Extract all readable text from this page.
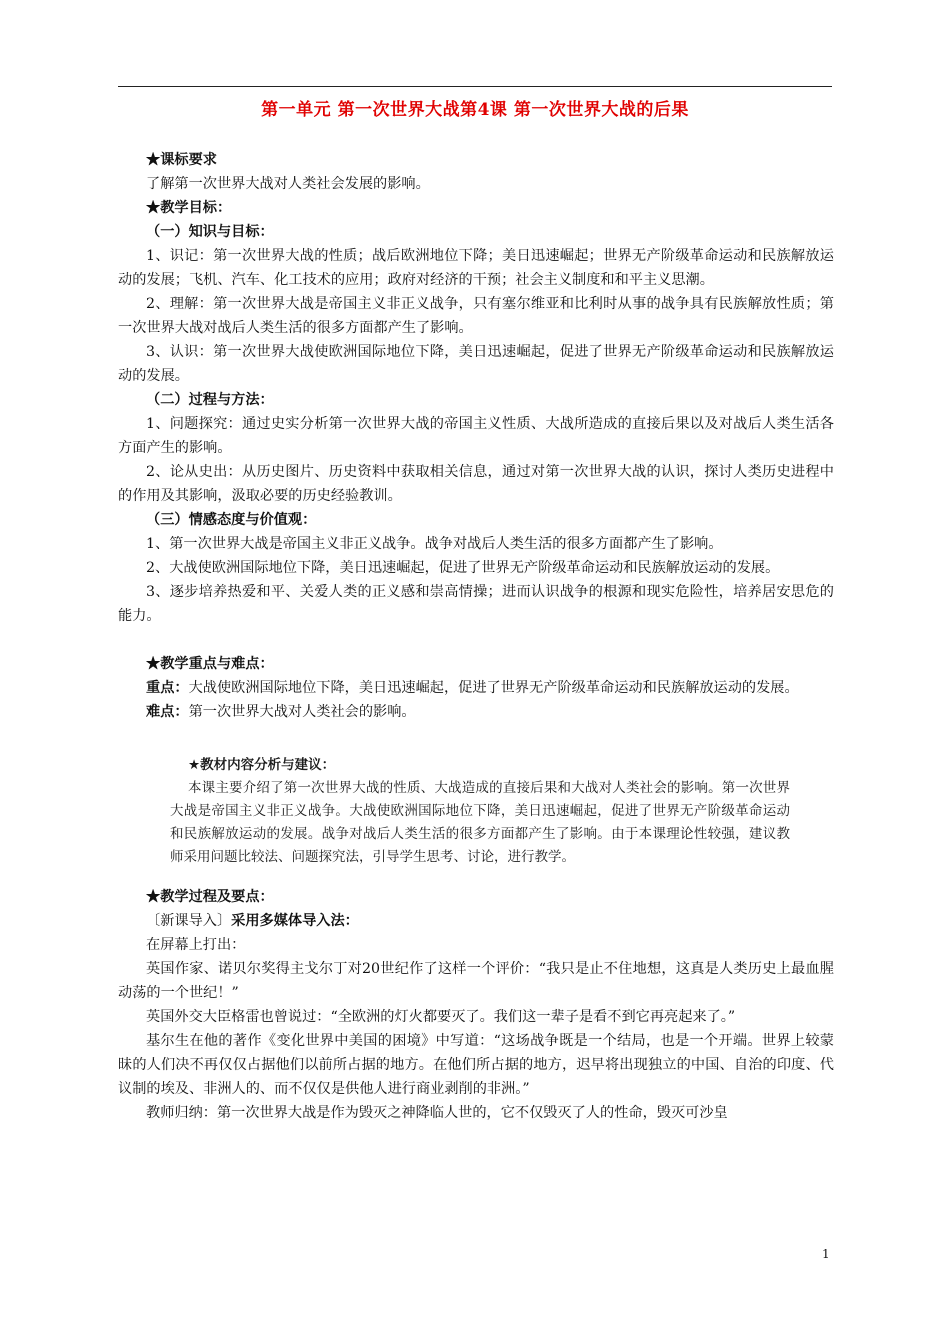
第一单元 第一次世界大战第4课 第一次世界大战的后果

★课标要求

了解第一次世界大战对人类社会发展的影响。

★教学目标：

（一）知识与目标：

1、识记：第一次世界大战的性质；战后欧洲地位下降；美日迅速崛起；世界无产阶级革命运动和民族解放运动的发展；飞机、汽车、化工技术的应用；政府对经济的干预；社会主义制度和和平主义思潮。

2、理解：第一次世界大战是帝国主义非正义战争，只有塞尔维亚和比利时从事的战争具有民族解放性质；第一次世界大战对战后人类生活的很多方面都产生了影响。

3、认识：第一次世界大战使欧洲国际地位下降，美日迅速崛起，促进了世界无产阶级革命运动和民族解放运动的发展。

（二）过程与方法：

1、问题探究：通过史实分析第一次世界大战的帝国主义性质、大战所造成的直接后果以及对战后人类生活各方面产生的影响。

2、论从史出：从历史图片、历史资料中获取相关信息，通过对第一次世界大战的认识，探讨人类历史进程中的作用及其影响，汲取必要的历史经验教训。

（三）情感态度与价值观：

1、第一次世界大战是帝国主义非正义战争。战争对战后人类生活的很多方面都产生了影响。

2、大战使欧洲国际地位下降，美日迅速崛起，促进了世界无产阶级革命运动和民族解放运动的发展。

3、逐步培养热爱和平、关爱人类的正义感和崇高情操；进而认识战争的根源和现实危险性，培养居安思危的能力。

★教学重点与难点：

重点：大战使欧洲国际地位下降，美日迅速崛起，促进了世界无产阶级革命运动和民族解放运动的发展。

难点：第一次世界大战对人类社会的影响。

★教材内容分析与建议：

本课主要介绍了第一次世界大战的性质、大战造成的直接后果和大战对人类社会的影响。第一次世界大战是帝国主义非正义战争。大战使欧洲国际地位下降，美日迅速崛起，促进了世界无产阶级革命运动和民族解放运动的发展。战争对战后人类生活的很多方面都产生了影响。由于本课理论性较强，建议教师采用问题比较法、问题探究法，引导学生思考、讨论，进行教学。

★教学过程及要点：

〔新课导入〕采用多媒体导入法：

在屏幕上打出：

英国作家、诺贝尔奖得主戈尔丁对20世纪作了这样一个评价：“我只是止不住地想，这真是人类历史上最血腥动荡的一个世纪！”

英国外交大臣格雷也曾说过：“全欧洲的灯火都要灭了。我们这一辈子是看不到它再亮起来了。”

基尔生在他的著作《变化世界中美国的困境》中写道：“这场战争既是一个结局，也是一个开端。世界上较蒙昧的人们决不再仅仅占据他们以前所占据的地方。在他们所占据的地方，迟早将出现独立的中国、自治的印度、代议制的埃及、非洲人的、而不仅仅是供他人进行商业剥削的非洲。”

教师归纳：第一次世界大战是作为毁灭之神降临人世的，它不仅毁灭了人的性命，毁灭可沙皇

1
